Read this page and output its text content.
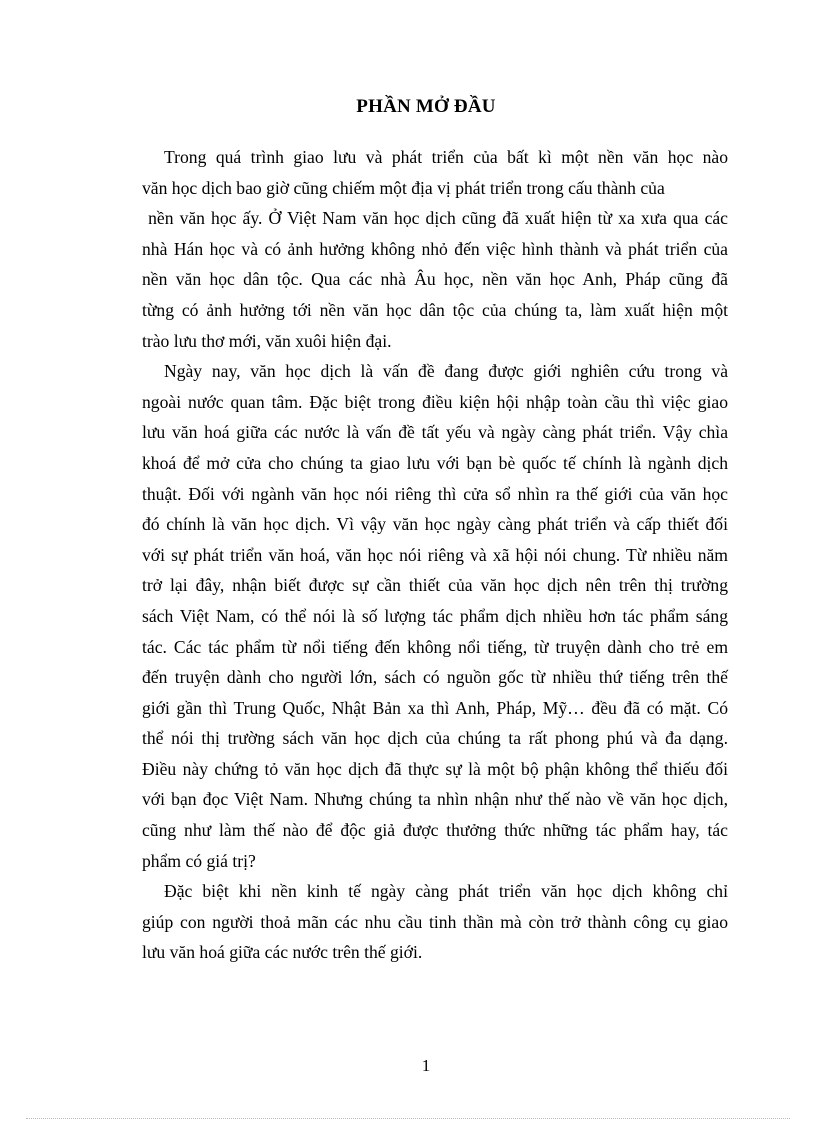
PHẦN MỞ ĐẦU

Trong quá trình giao lưu và phát triển của bất kì một nền văn học nào
văn học dịch bao giờ cũng chiếm một địa vị phát triển trong cấu thành của
nền văn học ấy. Ở Việt Nam văn học dịch cũng đã xuất hiện từ xa xưa qua các
nhà Hán học và có ảnh hưởng không nhỏ đến việc hình thành và phát triển của
nền văn học dân tộc. Qua các nhà Âu học, nền văn học Anh, Pháp cũng đã
từng có ảnh hưởng tới nền văn học dân tộc của chúng ta, làm xuất hiện một
trào lưu thơ mới, văn xuôi hiện đại.

Ngày nay, văn học dịch là vấn đề đang được giới nghiên cứu trong và
ngoài nước quan tâm. Đặc biệt trong điều kiện hội nhập toàn cầu thì việc giao
lưu văn hoá giữa các nước là vấn đề tất yếu và ngày càng phát triển. Vậy chìa
khoá để mở cửa cho chúng ta giao lưu với bạn bè quốc tế chính là ngành dịch
thuật. Đối với ngành văn học nói riêng thì cửa sổ nhìn ra thế giới của văn học
đó chính là văn học dịch. Vì vậy văn học ngày càng phát triển và cấp thiết đối
với sự phát triển văn hoá, văn học nói riêng và xã hội nói chung. Từ nhiều năm
trở lại đây, nhận biết được sự cần thiết của văn học dịch nên trên thị trường
sách Việt Nam, có thể nói là số lượng tác phẩm dịch nhiều hơn tác phẩm sáng
tác. Các tác phẩm từ nổi tiếng đến không nổi tiếng, từ truyện dành cho trẻ em
đến truyện dành cho người lớn, sách có nguồn gốc từ nhiều thứ tiếng trên thế
giới gần thì Trung Quốc, Nhật Bản xa thì Anh, Pháp, Mỹ… đều đã có mặt. Có
thể nói thị trường sách văn học dịch của chúng ta rất phong phú và đa dạng.
Điều này chứng tỏ văn học dịch đã thực sự là một bộ phận không thể thiếu đối
với bạn đọc Việt Nam. Nhưng chúng ta nhìn nhận như thế nào về văn học dịch,
cũng như làm thế nào để độc giả được thưởng thức những tác phẩm hay, tác
phẩm có giá trị?

Đặc biệt khi nền kinh tế ngày càng phát triển văn học dịch không chỉ
giúp con người thoả mãn các nhu cầu tinh thần mà còn trở thành công cụ giao
lưu văn hoá giữa các nước trên thế giới.

1
